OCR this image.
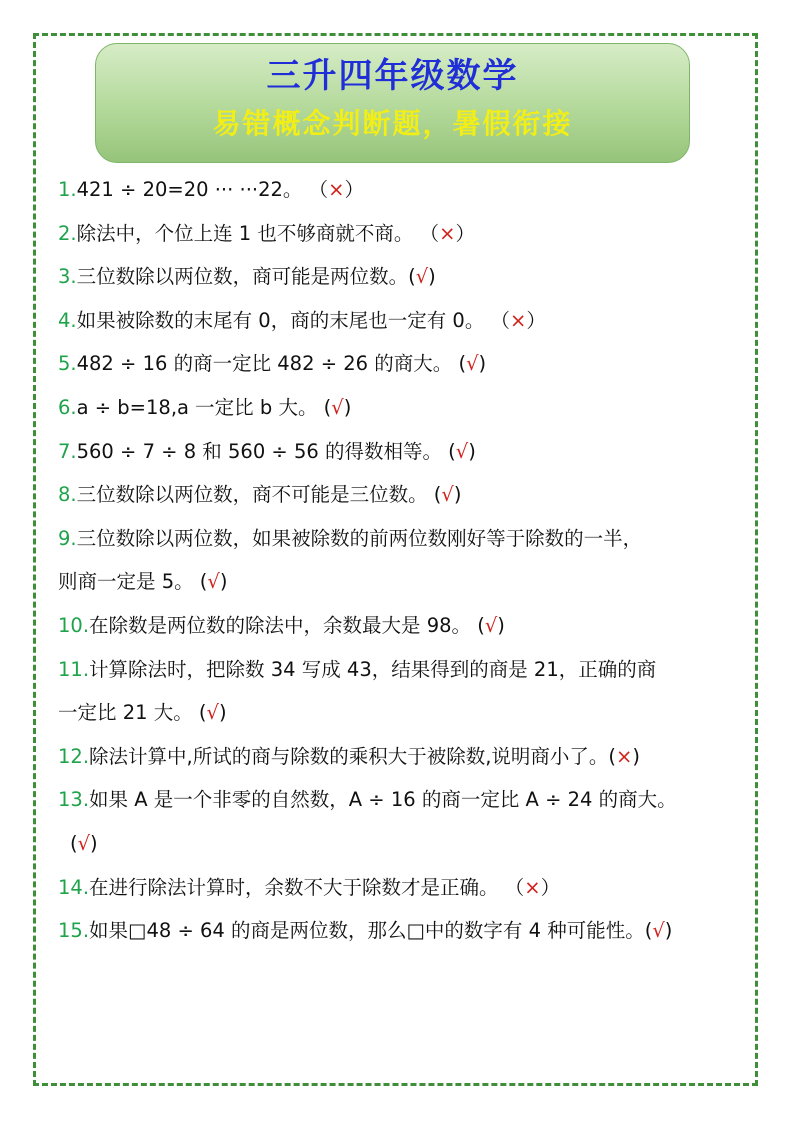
三升四年级数学
易错概念判断题，暑假衔接
1.421 ÷ 20=20 ··· ···22。 （×）
2.除法中，个位上连 1 也不够商就不商。 （×）
3.三位数除以两位数，商可能是两位数。(√)
4.如果被除数的末尾有 0，商的末尾也一定有 0。 （×）
5.482 ÷ 16 的商一定比 482 ÷ 26 的商大。 (√)
6.a ÷ b=18,a 一定比 b 大。 (√)
7.560 ÷ 7 ÷ 8 和 560 ÷ 56 的得数相等。 (√)
8.三位数除以两位数，商不可能是三位数。 (√)
9.三位数除以两位数，如果被除数的前两位数刚好等于除数的一半，
则商一定是 5。 (√)
10.在除数是两位数的除法中，余数最大是 98。 (√)
11.计算除法时，把除数 34 写成 43，结果得到的商是 21，正确的商
一定比 21 大。 (√)
12.除法计算中,所试的商与除数的乘积大于被除数,说明商小了。(×)
13.如果 A 是一个非零的自然数，A ÷ 16 的商一定比 A ÷ 24 的商大。
(√)
14.在进行除法计算时，余数不大于除数才是正确。 （×）
15.如果□48 ÷ 64 的商是两位数，那么□中的数字有 4 种可能性。(√)
